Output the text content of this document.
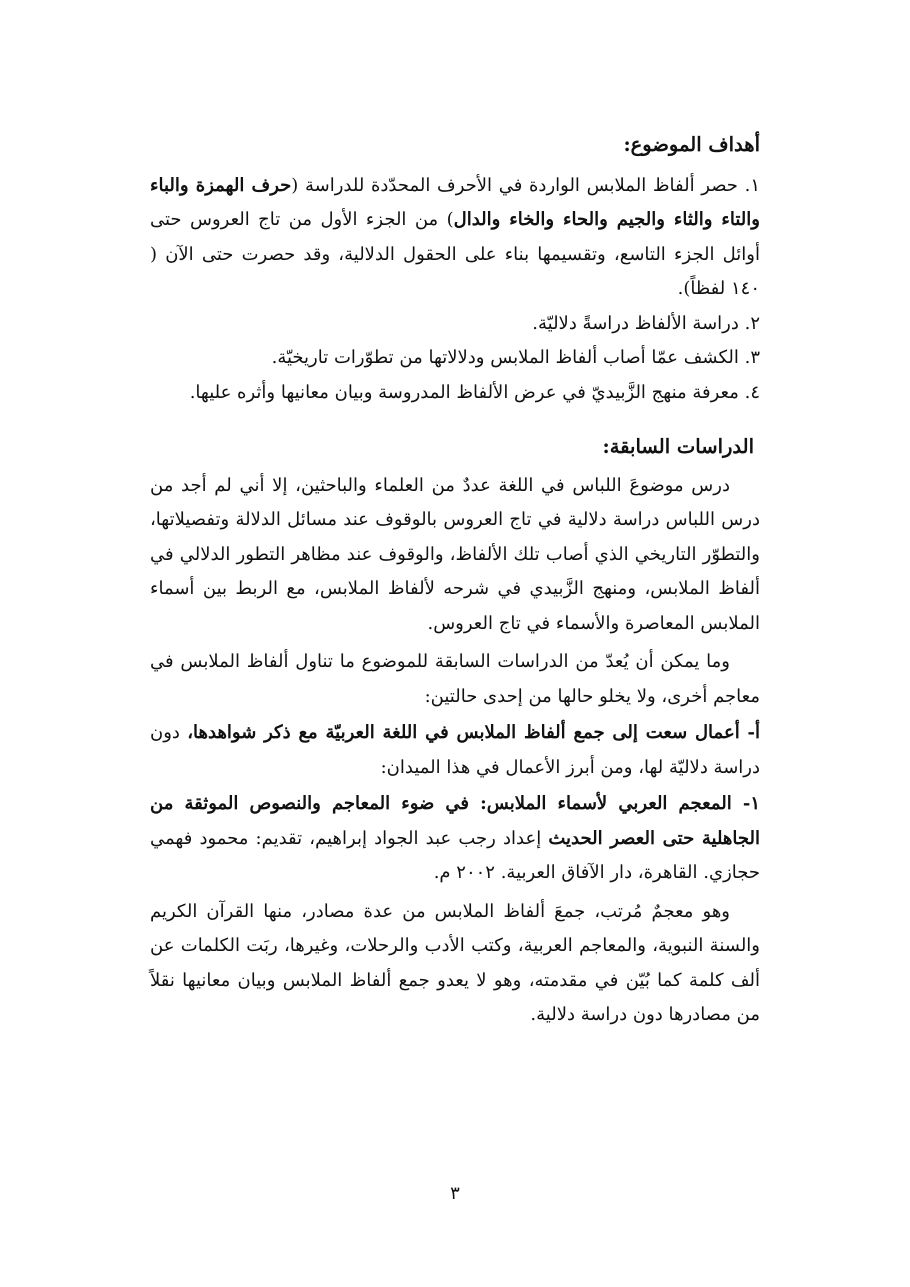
أهداف الموضوع:

١. حصر ألفاظ الملابس الواردة في الأحرف المحدّدة للدراسة (حرف الهمزة والباء والتاء والثاء والجيم والحاء والخاء والدال) من الجزء الأول من تاج العروس حتى أوائل الجزء التاسع، وتقسيمها بناء على الحقول الدلالية، وقد حصرت حتى الآن ( ١٤٠ لفظاً).

٢. دراسة الألفاظ دراسةً دلاليّة.

٣. الكشف عمّا أصاب ألفاظ الملابس ودلالاتها من تطوّرات تاريخيّة.

٤. معرفة منهج الزَّبيديّ في عرض الألفاظ المدروسة وبيان معانيها وأثره عليها.

الدراسات السابقة:

درس موضوعَ اللباس في اللغة عددٌ من العلماء والباحثين، إلا أني لم أجد من درس اللباس دراسة دلالية في تاج العروس بالوقوف عند مسائل الدلالة وتفصيلاتها، والتطوّر التاريخي الذي أصاب تلك الألفاظ، والوقوف عند مظاهر التطور الدلالي في ألفاظ الملابس، ومنهج الزَّبيدي في شرحه لألفاظ الملابس، مع الربط بين أسماء الملابس المعاصرة والأسماء في تاج العروس.

وما يمكن أن يُعدّ من الدراسات السابقة للموضوع ما تناول ألفاظ الملابس في معاجم أخرى، ولا يخلو حالها من إحدى حالتين:

أ- أعمال سعت إلى جمع ألفاظ الملابس في اللغة العربيّة مع ذكر شواهدها، دون دراسة دلاليّة لها، ومن أبرز الأعمال في هذا الميدان:

١- المعجم العربي لأسماء الملابس: في ضوء المعاجم والنصوص الموثقة من الجاهلية حتى العصر الحديث إعداد رجب عبد الجواد إبراهيم، تقديم: محمود فهمي حجازي. القاهرة، دار الآفاق العربية. ٢٠٠٢ م.

وهو معجمٌ مُرتب، جمعَ ألفاظ الملابس من عدة مصادر، منها القرآن الكريم والسنة النبوية، والمعاجم العربية، وكتب الأدب والرحلات، وغيرها، ربَت الكلمات عن ألف كلمة كما بُيّن في مقدمته، وهو لا يعدو جمع ألفاظ الملابس وبيان معانيها نقلاً من مصادرها دون دراسة دلالية.

٣
